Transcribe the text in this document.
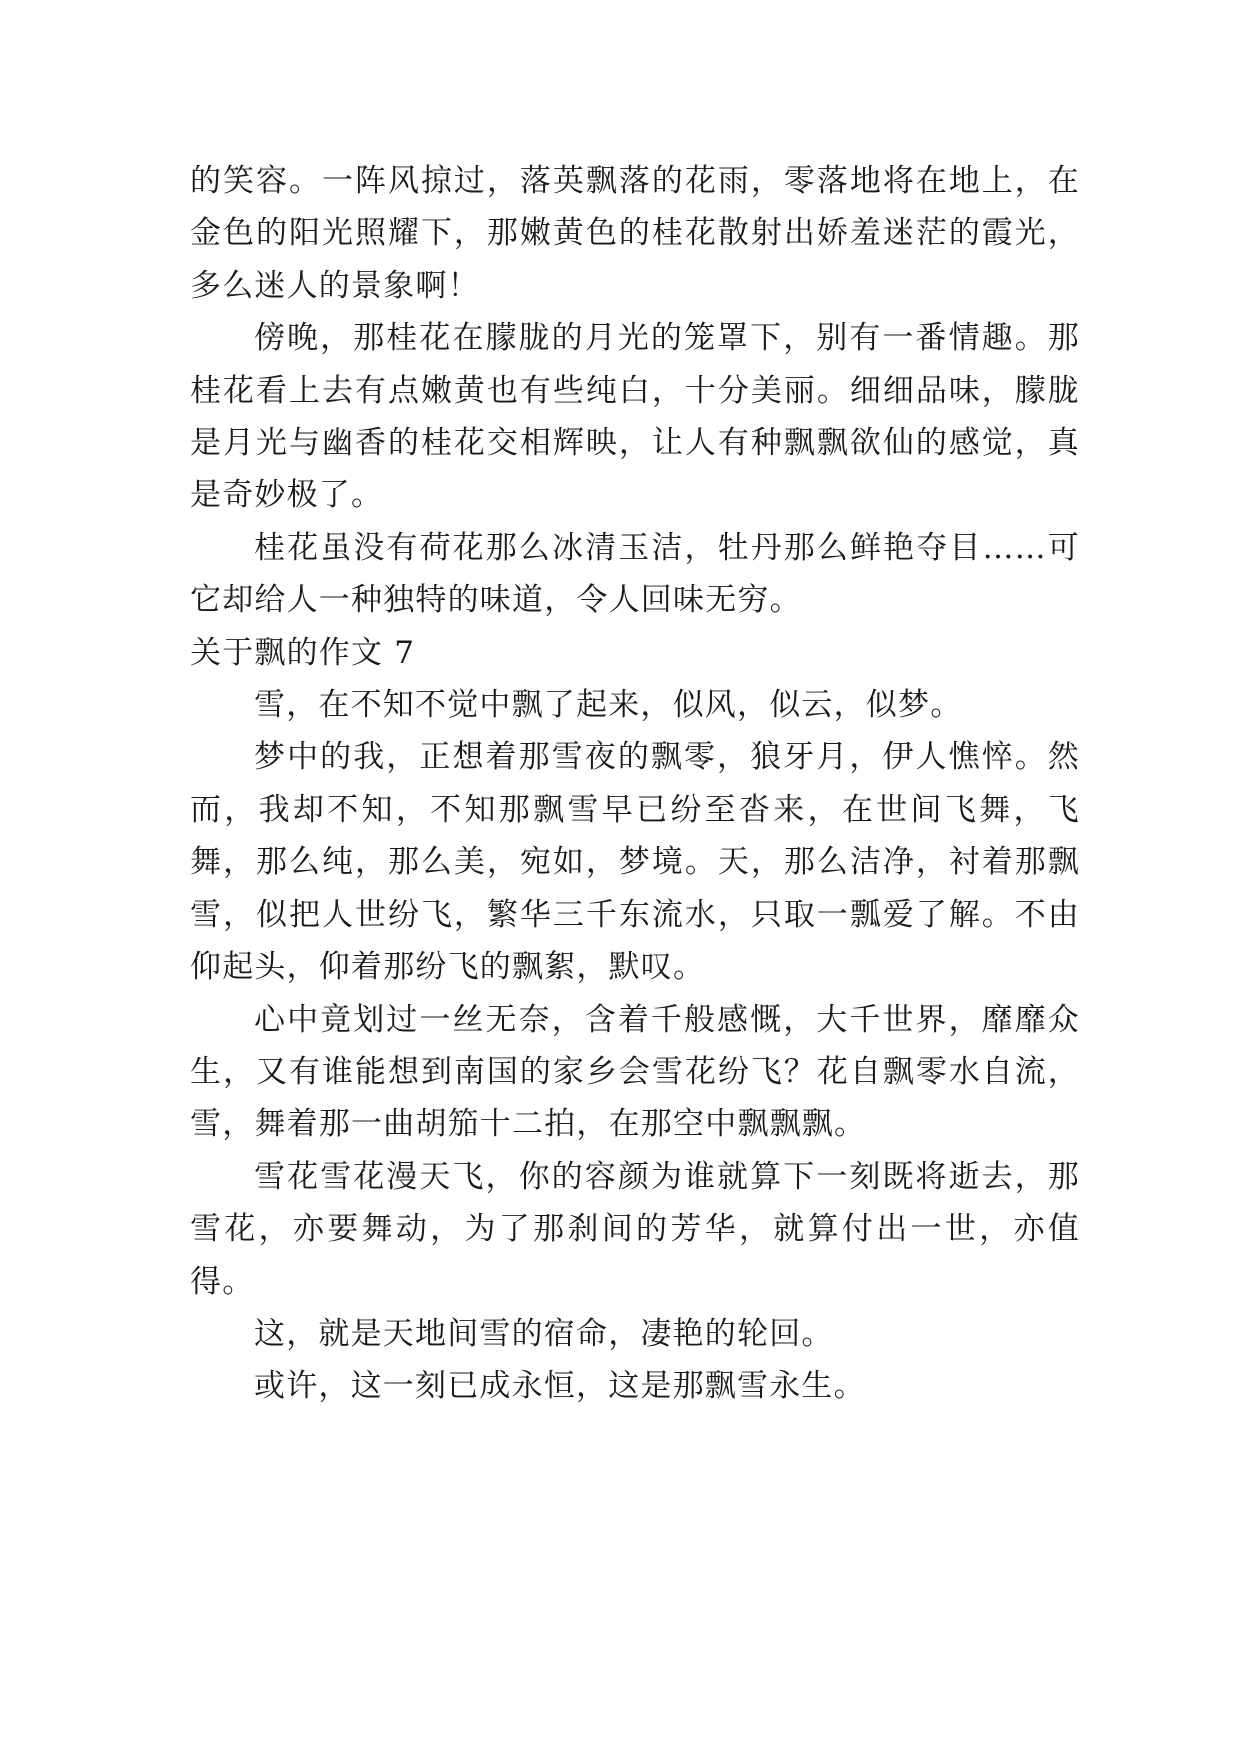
的笑容。一阵风掠过，落英飘落的花雨，零落地将在地上，在金色的阳光照耀下，那嫩黄色的桂花散射出娇羞迷茫的霞光，多么迷人的景象啊！

傍晚，那桂花在朦胧的月光的笼罩下，别有一番情趣。那桂花看上去有点嫩黄也有些纯白，十分美丽。细细品味，朦胧是月光与幽香的桂花交相辉映，让人有种飘飘欲仙的感觉，真是奇妙极了。

桂花虽没有荷花那么冰清玉洁，牡丹那么鲜艳夺目……可它却给人一种独特的味道，令人回味无穷。

关于飘的作文 7

雪，在不知不觉中飘了起来，似风，似云，似梦。

梦中的我，正想着那雪夜的飘零，狼牙月，伊人憔悴。然而，我却不知，不知那飘雪早已纷至沓来，在世间飞舞，飞舞，那么纯，那么美，宛如，梦境。天，那么洁净，衬着那飘雪，似把人世纷飞，繁华三千东流水，只取一瓢爱了解。不由仰起头，仰着那纷飞的飘絮，默叹。

心中竟划过一丝无奈，含着千般感慨，大千世界，靡靡众生，又有谁能想到南国的家乡会雪花纷飞？花自飘零水自流，雪，舞着那一曲胡笳十二拍，在那空中飘飘飘。

雪花雪花漫天飞，你的容颜为谁就算下一刻既将逝去，那雪花，亦要舞动，为了那刹间的芳华，就算付出一世，亦值得。

这，就是天地间雪的宿命，凄艳的轮回。

或许，这一刻已成永恒，这是那飘雪永生。
